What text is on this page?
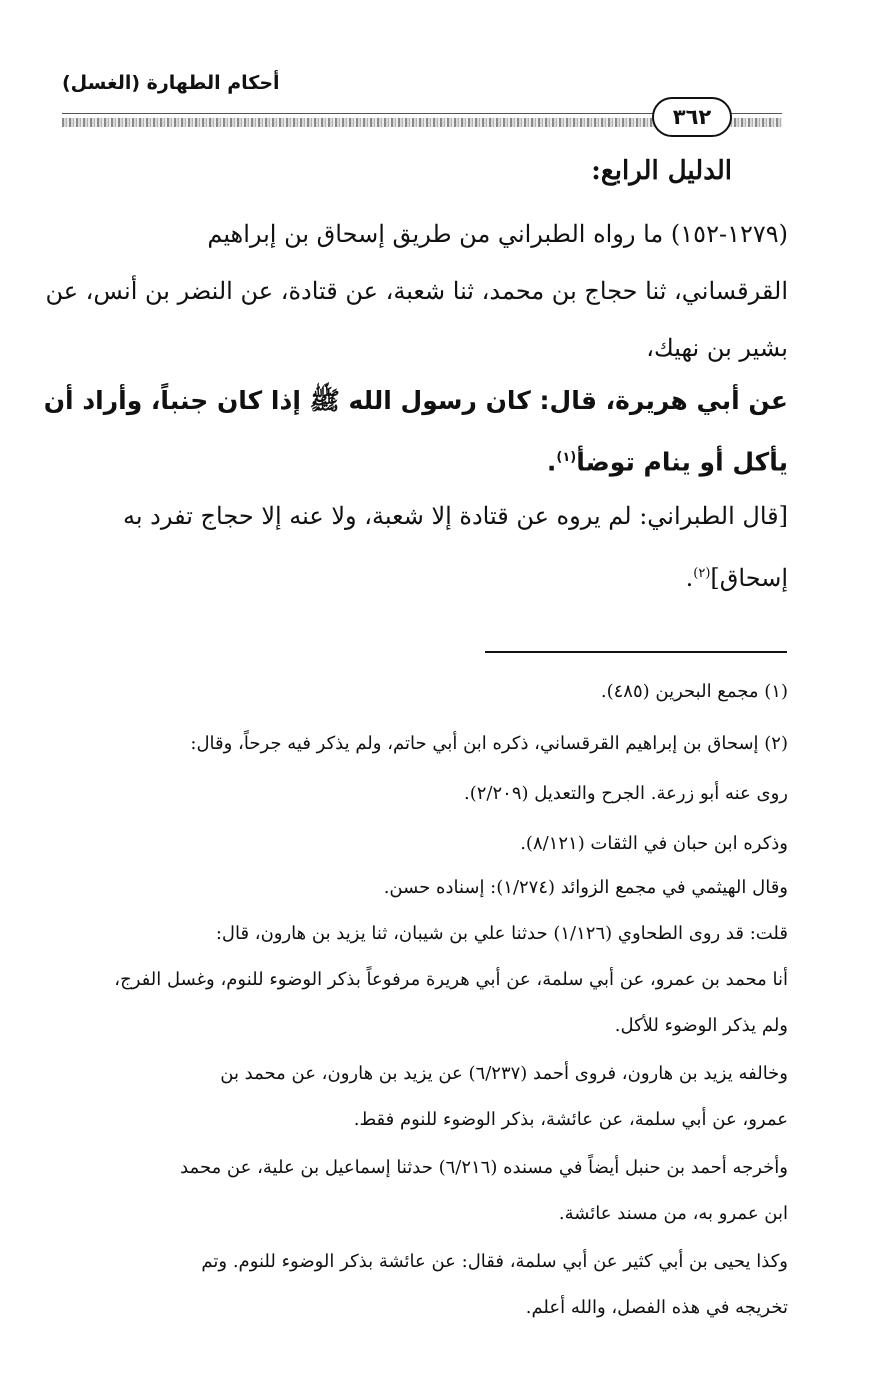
أحكام الطهارة (الغسل)
٣٦٢
الدليل الرابع:
(١٢٧٩-١٥٢) ما رواه الطبراني من طريق إسحاق بن إبراهيم
القرقساني، ثنا حجاج بن محمد، ثنا شعبة، عن قتادة، عن النضر بن أنس، عن
بشير بن نهيك،
عن أبي هريرة، قال: كان رسول الله ﷺ إذا كان جنباً، وأراد أن
يأكل أو ينام توضأ$^{(١)}$.
[قال الطبراني: لم يروه عن قتادة إلا شعبة، ولا عنه إلا حجاج تفرد به
إسحاق]$^{(٢)}$.
(١) مجمع البحرين (٤٨٥).
(٢) إسحاق بن إبراهيم القرقساني، ذكره ابن أبي حاتم، ولم يذكر فيه جرحاً، وقال:
روى عنه أبو زرعة. الجرح والتعديل (٢/٢٠٩).
وذكره ابن حبان في الثقات (٨/١٢١).
وقال الهيثمي في مجمع الزوائد (١/٢٧٤): إسناده حسن.
قلت: قد روى الطحاوي (١/١٢٦) حدثنا علي بن شيبان، ثنا يزيد بن هارون، قال:
أنا محمد بن عمرو، عن أبي سلمة، عن أبي هريرة مرفوعاً بذكر الوضوء للنوم، وغسل الفرج،
ولم يذكر الوضوء للأكل.
وخالفه يزيد بن هارون، فروى أحمد (٦/٢٣٧) عن يزيد بن هارون، عن محمد بن
عمرو، عن أبي سلمة، عن عائشة، بذكر الوضوء للنوم فقط.
وأخرجه أحمد بن حنبل أيضاً في مسنده (٦/٢١٦) حدثنا إسماعيل بن علية، عن محمد
ابن عمرو به، من مسند عائشة.
وكذا يحيى بن أبي كثير عن أبي سلمة، فقال: عن عائشة بذكر الوضوء للنوم. وتم
تخريجه في هذه الفصل، والله أعلم.
